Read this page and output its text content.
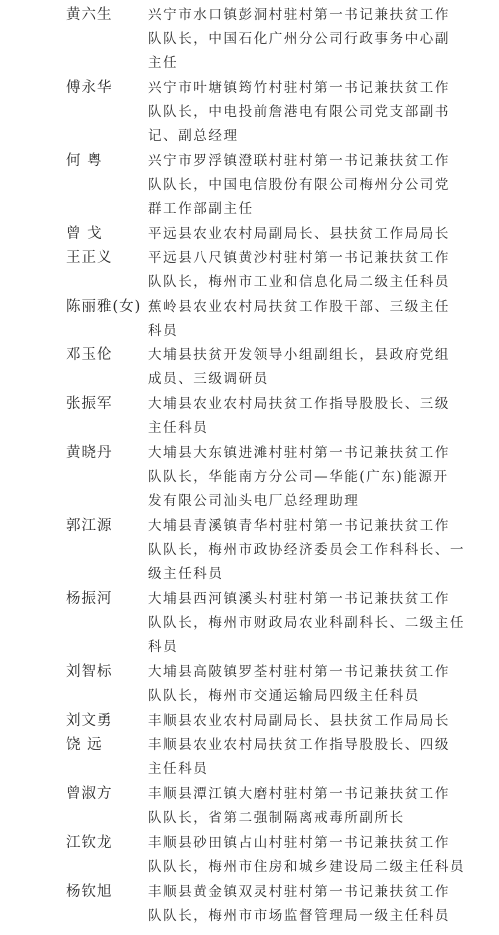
黄六生	兴宁市水口镇彭洞村驻村第一书记兼扶贫工作
队队长，中国石化广州分公司行政事务中心副
主任
傅永华	兴宁市叶塘镇筠竹村驻村第一书记兼扶贫工作
队队长，中电投前詹港电有限公司党支部副书
记、副总经理
何 粤	兴宁市罗浮镇澄联村驻村第一书记兼扶贫工作
队队长，中国电信股份有限公司梅州分公司党
群工作部副主任
曾 戈	平远县农业农村局副局长、县扶贫工作局局长
王正义	平远县八尺镇黄沙村驻村第一书记兼扶贫工作
队队长，梅州市工业和信息化局二级主任科员
陈丽雅(女) 蕉岭县农业农村局扶贫工作股干部、三级主任
科员
邓玉伦	大埔县扶贫开发领导小组副组长，县政府党组
成员、三级调研员
张振军	大埔县农业农村局扶贫工作指导股股长、三级
主任科员
黄晓丹	大埔县大东镇进滩村驻村第一书记兼扶贫工作
队队长，华能南方分公司—华能(广东)能源开
发有限公司汕头电厂总经理助理
郭江源	大埔县青溪镇青华村驻村第一书记兼扶贫工作
队队长，梅州市政协经济委员会工作科科长、一
级主任科员
杨振河	大埔县西河镇溪头村驻村第一书记兼扶贫工作
队队长，梅州市财政局农业科副科长、二级主任
科员
刘智标	大埔县高陂镇罗荃村驻村第一书记兼扶贫工作
队队长，梅州市交通运输局四级主任科员
刘文勇	丰顺县农业农村局副局长、县扶贫工作局局长
饶 远	丰顺县农业农村局扶贫工作指导股股长、四级
主任科员
曾淑方	丰顺县潭江镇大磨村驻村第一书记兼扶贫工作
队队长，省第二强制隔离戒毒所副所长
江钦龙	丰顺县砂田镇占山村驻村第一书记兼扶贫工作
队队长，梅州市住房和城乡建设局二级主任科员
杨钦旭	丰顺县黄金镇双灵村驻村第一书记兼扶贫工作
队队长，梅州市市场监督管理局一级主任科员
